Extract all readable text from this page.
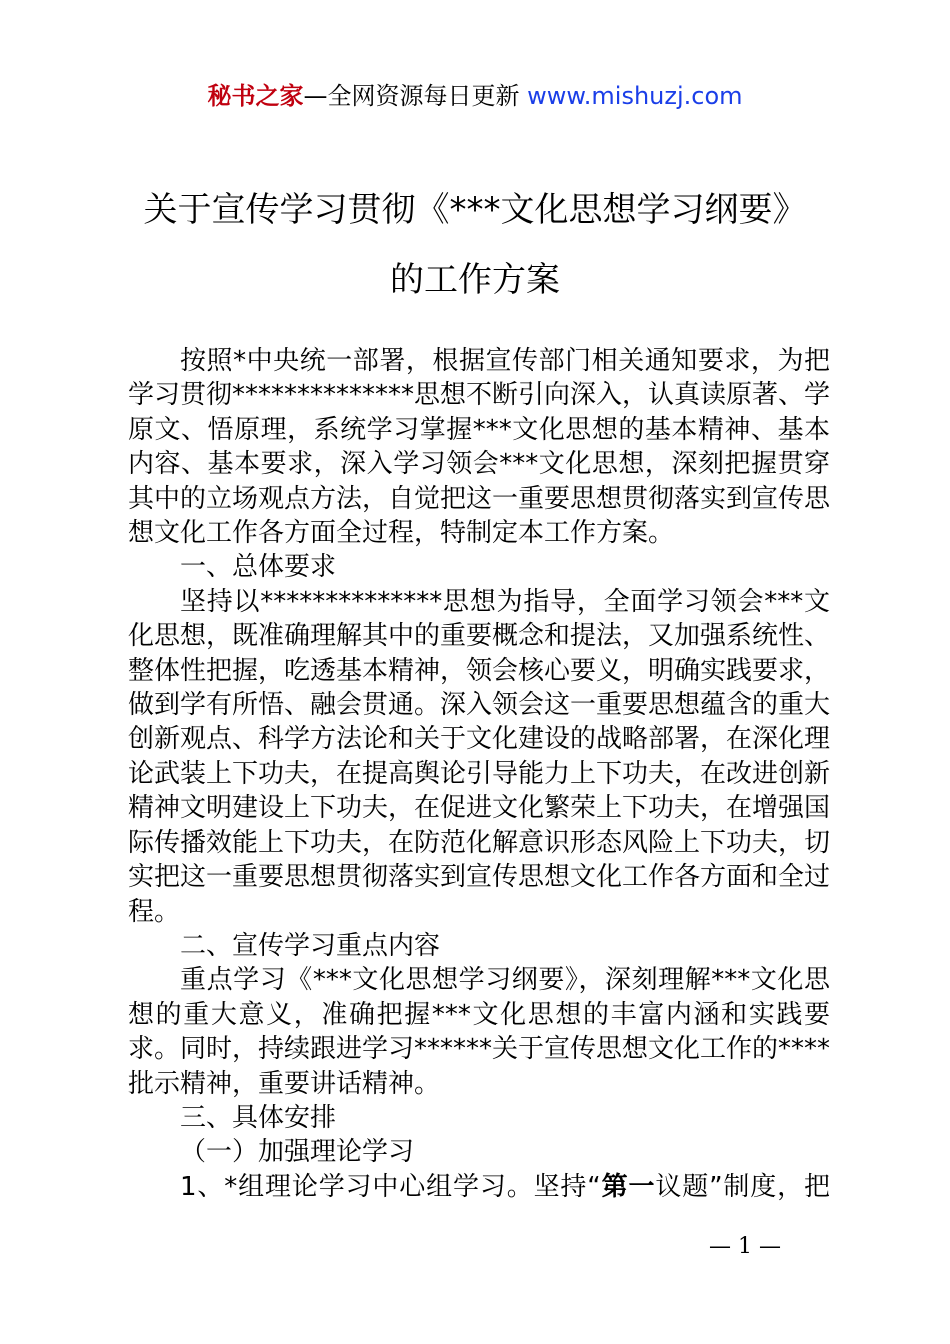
秘书之家—全网资源每日更新 www.mishuzj.com
关于宣传学习贯彻《***文化思想学习纲要》
的工作方案

按照*中央统一部署，根据宣传部门相关通知要求，为把学习贯彻**************思想不断引向深入，认真读原著、学原文、悟原理，系统学习掌握***文化思想的基本精神、基本内容、基本要求，深入学习领会***文化思想，深刻把握贯穿其中的立场观点方法，自觉把这一重要思想贯彻落实到宣传思想文化工作各方面全过程，特制定本工作方案。

一、总体要求

坚持以**************思想为指导，全面学习领会***文化思想，既准确理解其中的重要概念和提法，又加强系统性、整体性把握，吃透基本精神，领会核心要义，明确实践要求，做到学有所悟、融会贯通。深入领会这一重要思想蕴含的重大创新观点、科学方法论和关于文化建设的战略部署，在深化理论武装上下功夫，在提高舆论引导能力上下功夫，在改进创新精神文明建设上下功夫，在促进文化繁荣上下功夫，在增强国际传播效能上下功夫，在防范化解意识形态风险上下功夫，切实把这一重要思想贯彻落实到宣传思想文化工作各方面和全过程。

二、宣传学习重点内容

重点学习《***文化思想学习纲要》，深刻理解***文化思想的重大意义，准确把握***文化思想的丰富内涵和实践要求。同时，持续跟进学习******关于宣传思想文化工作的****批示精神，重要讲话精神。

三、具体安排

（一）加强理论学习

1、*组理论学习中心组学习。坚持“第一议题”制度，把

— 1 —
